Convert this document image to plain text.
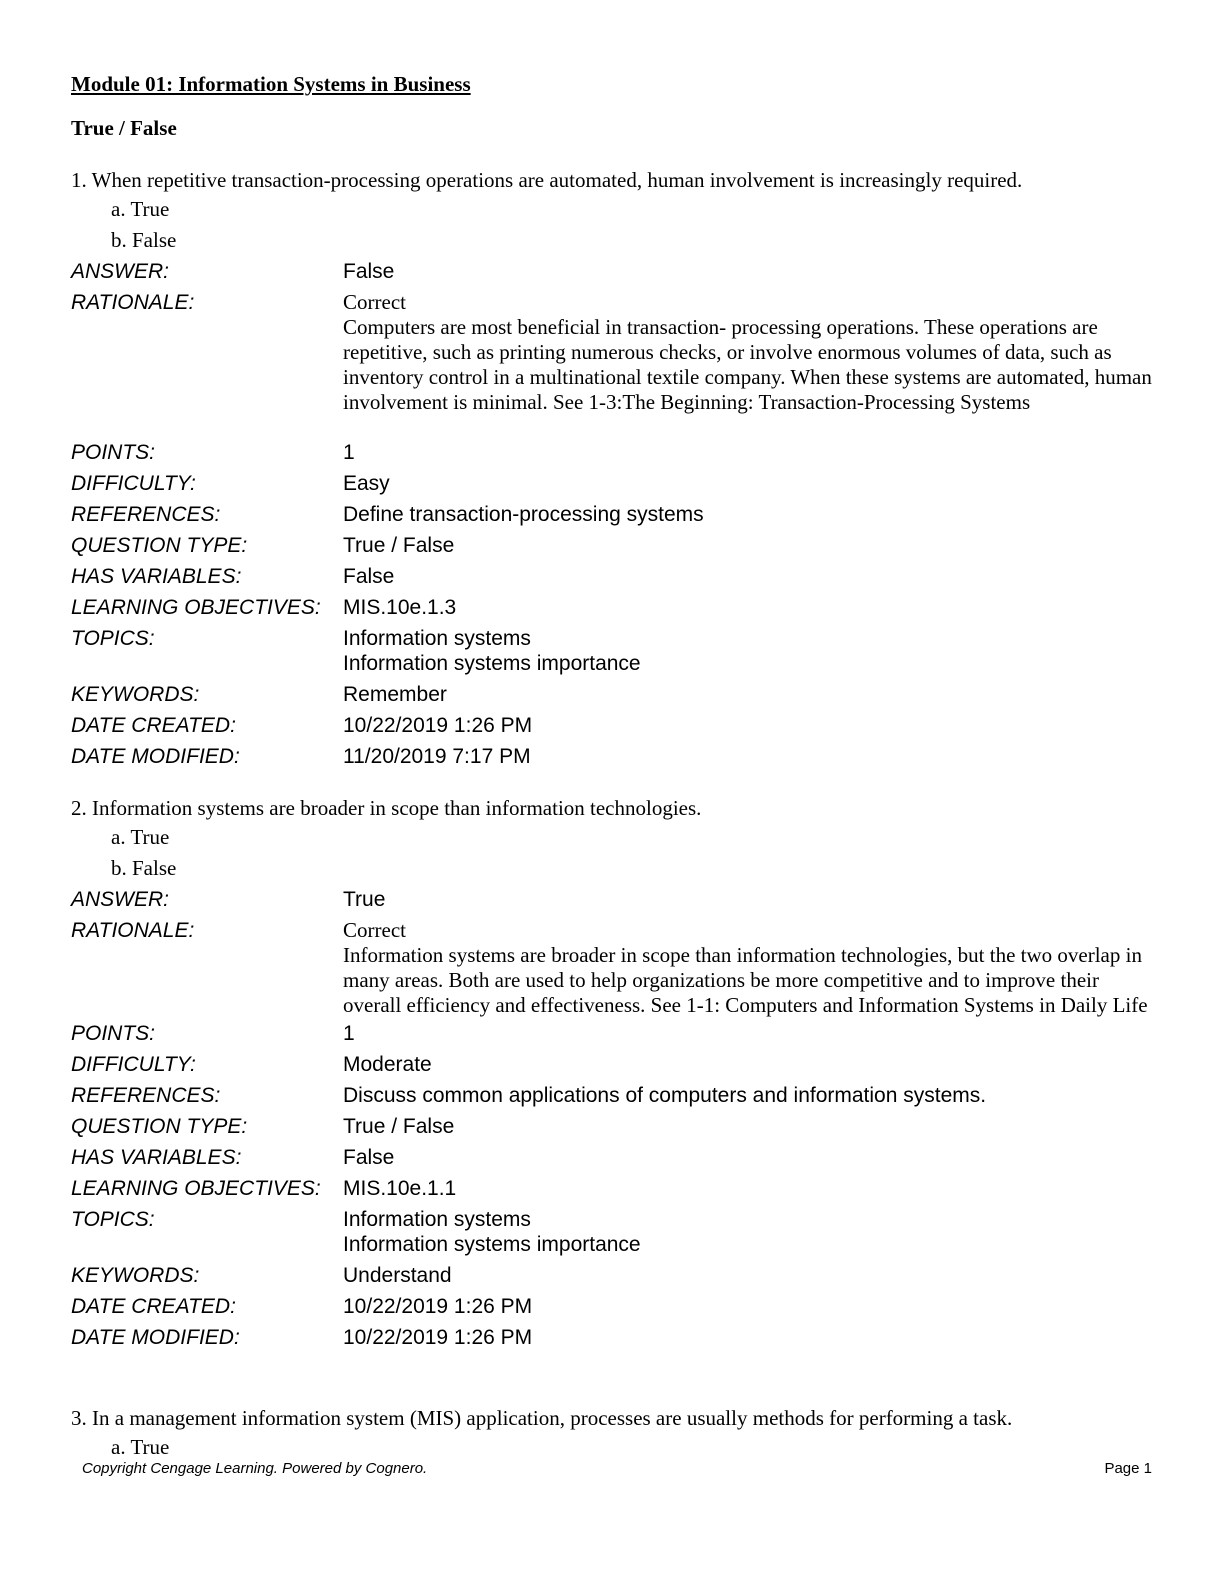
Module 01: Information Systems in Business
True / False
1. When repetitive transaction-processing operations are automated, human involvement is increasingly required.
a. True
b. False
ANSWER:	False
RATIONALE:	Correct
Computers are most beneficial in transaction- processing operations. These operations are repetitive, such as printing numerous checks, or involve enormous volumes of data, such as inventory control in a multinational textile company. When these systems are automated, human involvement is minimal. See 1-3:The Beginning: Transaction-Processing Systems
POINTS:	1
DIFFICULTY:	Easy
REFERENCES:	Define transaction-processing systems
QUESTION TYPE:	True / False
HAS VARIABLES:	False
LEARNING OBJECTIVES:	MIS.10e.1.3
TOPICS:	Information systems
Information systems importance
KEYWORDS:	Remember
DATE CREATED:	10/22/2019 1:26 PM
DATE MODIFIED:	11/20/2019 7:17 PM
2. Information systems are broader in scope than information technologies.
a. True
b. False
ANSWER:	True
RATIONALE:	Correct
Information systems are broader in scope than information technologies, but the two overlap in many areas. Both are used to help organizations be more competitive and to improve their overall efficiency and effectiveness. See 1-1: Computers and Information Systems in Daily Life
POINTS:	1
DIFFICULTY:	Moderate
REFERENCES:	Discuss common applications of computers and information systems.
QUESTION TYPE:	True / False
HAS VARIABLES:	False
LEARNING OBJECTIVES:	MIS.10e.1.1
TOPICS:	Information systems
Information systems importance
KEYWORDS:	Understand
DATE CREATED:	10/22/2019 1:26 PM
DATE MODIFIED:	10/22/2019 1:26 PM
3. In a management information system (MIS) application, processes are usually methods for performing a task.
a. True
Copyright Cengage Learning. Powered by Cognero.	Page 1
